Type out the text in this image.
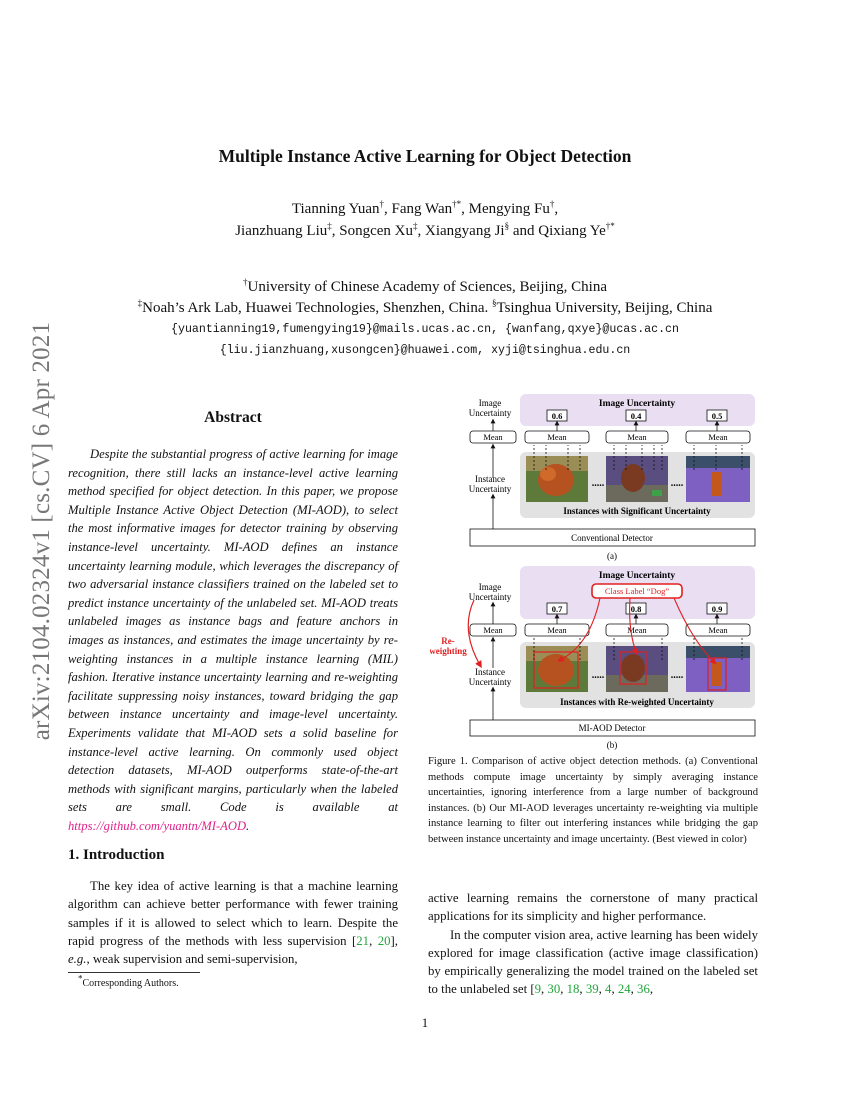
arXiv:2104.02324v1 [cs.CV] 6 Apr 2021
Multiple Instance Active Learning for Object Detection
Tianning Yuan†, Fang Wan†*, Mengying Fu†,
Jianzhuang Liu‡, Songcen Xu‡, Xiangyang Ji§ and Qixiang Ye†*
†University of Chinese Academy of Sciences, Beijing, China
‡Noah’s Ark Lab, Huawei Technologies, Shenzhen, China. §Tsinghua University, Beijing, China
{yuantianning19,fumengying19}@mails.ucas.ac.cn, {wanfang,qxye}@ucas.ac.cn
{liu.jianzhuang,xusongcen}@huawei.com, xyji@tsinghua.edu.cn
Abstract

Despite the substantial progress of active learning for image recognition, there still lacks an instance-level active learning method specified for object detection. In this paper, we propose Multiple Instance Active Object Detection (MI-AOD), to select the most informative images for detector training by observing instance-level uncertainty. MI-AOD defines an instance uncertainty learning module, which leverages the discrepancy of two adversarial instance classifiers trained on the labeled set to predict instance uncertainty of the unlabeled set. MI-AOD treats unlabeled images as instance bags and feature anchors in images as instances, and estimates the image uncertainty by re-weighting instances in a multiple instance learning (MIL) fashion. Iterative instance uncertainty learning and re-weighting facilitate suppressing noisy instances, toward bridging the gap between instance uncertainty and image-level uncertainty. Experiments validate that MI-AOD sets a solid baseline for instance-level active learning. On commonly used object detection datasets, MI-AOD outperforms state-of-the-art methods with significant margins, particularly when the labeled sets are small. Code is available at https://github.com/yuantn/MI-AOD.

1. Introduction

The key idea of active learning is that a machine learning algorithm can achieve better performance with fewer training samples if it is allowed to select which to learn. Despite the rapid progress of the methods with less supervision [21, 20], e.g., weak supervision and semi-supervision,

*Corresponding Authors.

active learning remains the cornerstone of many practical applications for its simplicity and higher performance.

In the computer vision area, active learning has been widely explored for image classification (active image classification) by empirically generalizing the model trained on the labeled set to the unlabeled set [9, 30, 18, 39, 4, 24, 36,

Image Uncertainty
Image
Uncertainty	0.6	0.4	0.5
Mean	Mean	Mean	Mean
Instance
Uncertainty	.....	.....
Instances with Significant Uncertainty
Conventional Detector
(a)
Image Uncertainty
Class Label “Dog”
Image
Uncertainty
0.7	0.8	0.9
Mean	Mean	Mean	Mean
Re-
weighting
Instance
Uncertainty
.....	.....
Instances with Re-weighted Uncertainty
MI-AOD Detector
(b)
Figure 1. Comparison of active object detection methods. (a) Conventional methods compute image uncertainty by simply averaging instance uncertainties, ignoring interference from a large number of background instances. (b) Our MI-AOD leverages uncertainty re-weighting via multiple instance learning to filter out interfering instances while bridging the gap between instance uncertainty and image uncertainty. (Best viewed in color)
1
